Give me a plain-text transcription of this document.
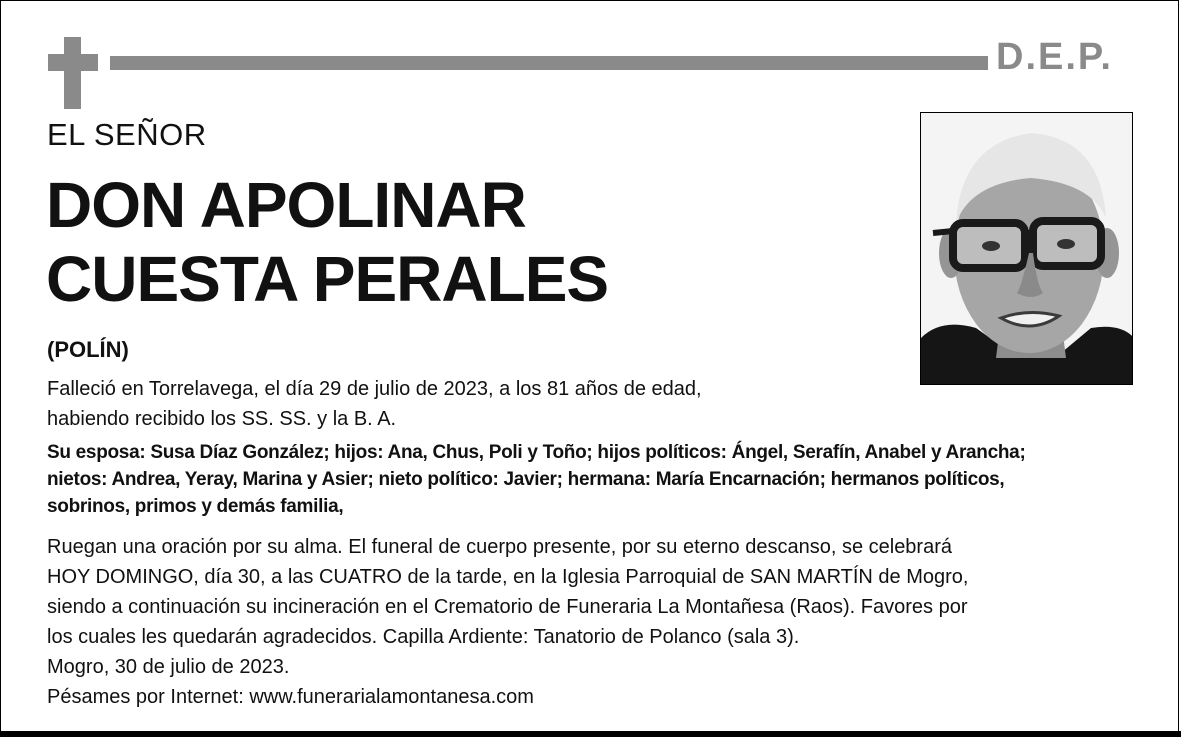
D.E.P.
EL SEÑOR
DON APOLINAR
CUESTA PERALES
(POLÍN)
Falleció en Torrelavega, el día 29 de julio de 2023, a los 81 años de edad,
habiendo recibido los SS. SS. y la B. A.
Su esposa: Susa Díaz González; hijos: Ana, Chus, Poli y Toño; hijos políticos: Ángel, Serafín, Anabel y Arancha;
nietos: Andrea, Yeray, Marina y Asier; nieto político: Javier; hermana: María Encarnación; hermanos políticos,
sobrinos, primos y demás familia,
Ruegan una oración por su alma. El funeral de cuerpo presente, por su eterno descanso, se celebrará
HOY DOMINGO, día 30, a las CUATRO de la tarde, en la Iglesia Parroquial de SAN MARTÍN de Mogro,
siendo a continuación su incineración en el Crematorio de Funeraria La Montañesa (Raos). Favores por
los cuales les quedarán agradecidos. Capilla Ardiente: Tanatorio de Polanco (sala 3).
Mogro, 30 de julio de 2023.
Pésames por Internet: www.funerarialamontanesa.com
